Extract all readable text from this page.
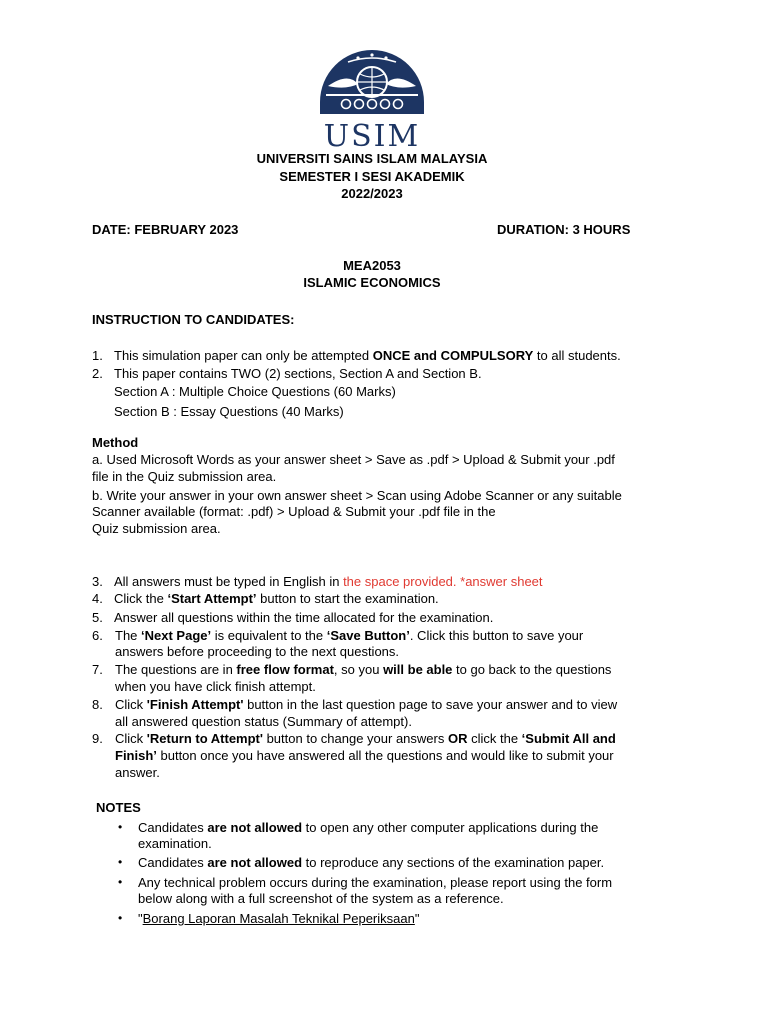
USIM
UNIVERSITI SAINS ISLAM MALAYSIA
SEMESTER I SESI AKADEMIK
2022/2023
DATE: FEBRUARY 2023	DURATION: 3 HOURS
MEA2053
ISLAMIC ECONOMICS
INSTRUCTION TO CANDIDATES:
1. This simulation paper can only be attempted ONCE and COMPULSORY to all students.
2. This paper contains TWO (2) sections, Section A and Section B.
Section A : Multiple Choice Questions (60 Marks)
Section B : Essay Questions (40 Marks)
Method
a. Used Microsoft Words as your answer sheet > Save as .pdf > Upload & Submit your .pdf
file in the Quiz submission area.
b. Write your answer in your own answer sheet > Scan using Adobe Scanner or any suitable
Scanner available (format: .pdf) > Upload & Submit your .pdf file in the
Quiz submission area.
3. All answers must be typed in English in the space provided. *answer sheet
4. Click the ‘Start Attempt’ button to start the examination.
5. Answer all questions within the time allocated for the examination.
6. The ‘Next Page’ is equivalent to the ‘Save Button’. Click this button to save your
answers before proceeding to the next questions.
7. The questions are in free flow format, so you will be able to go back to the questions
when you have click finish attempt.
8. Click 'Finish Attempt' button in the last question page to save your answer and to view
all answered question status (Summary of attempt).
9. Click 'Return to Attempt' button to change your answers OR click the ‘Submit All and
Finish’ button once you have answered all the questions and would like to submit your
answer.
NOTES
• Candidates are not allowed to open any other computer applications during the
examination.
• Candidates are not allowed to reproduce any sections of the examination paper.
• Any technical problem occurs during the examination, please report using the form
below along with a full screenshot of the system as a reference.
• "Borang Laporan Masalah Teknikal Peperiksaan"
